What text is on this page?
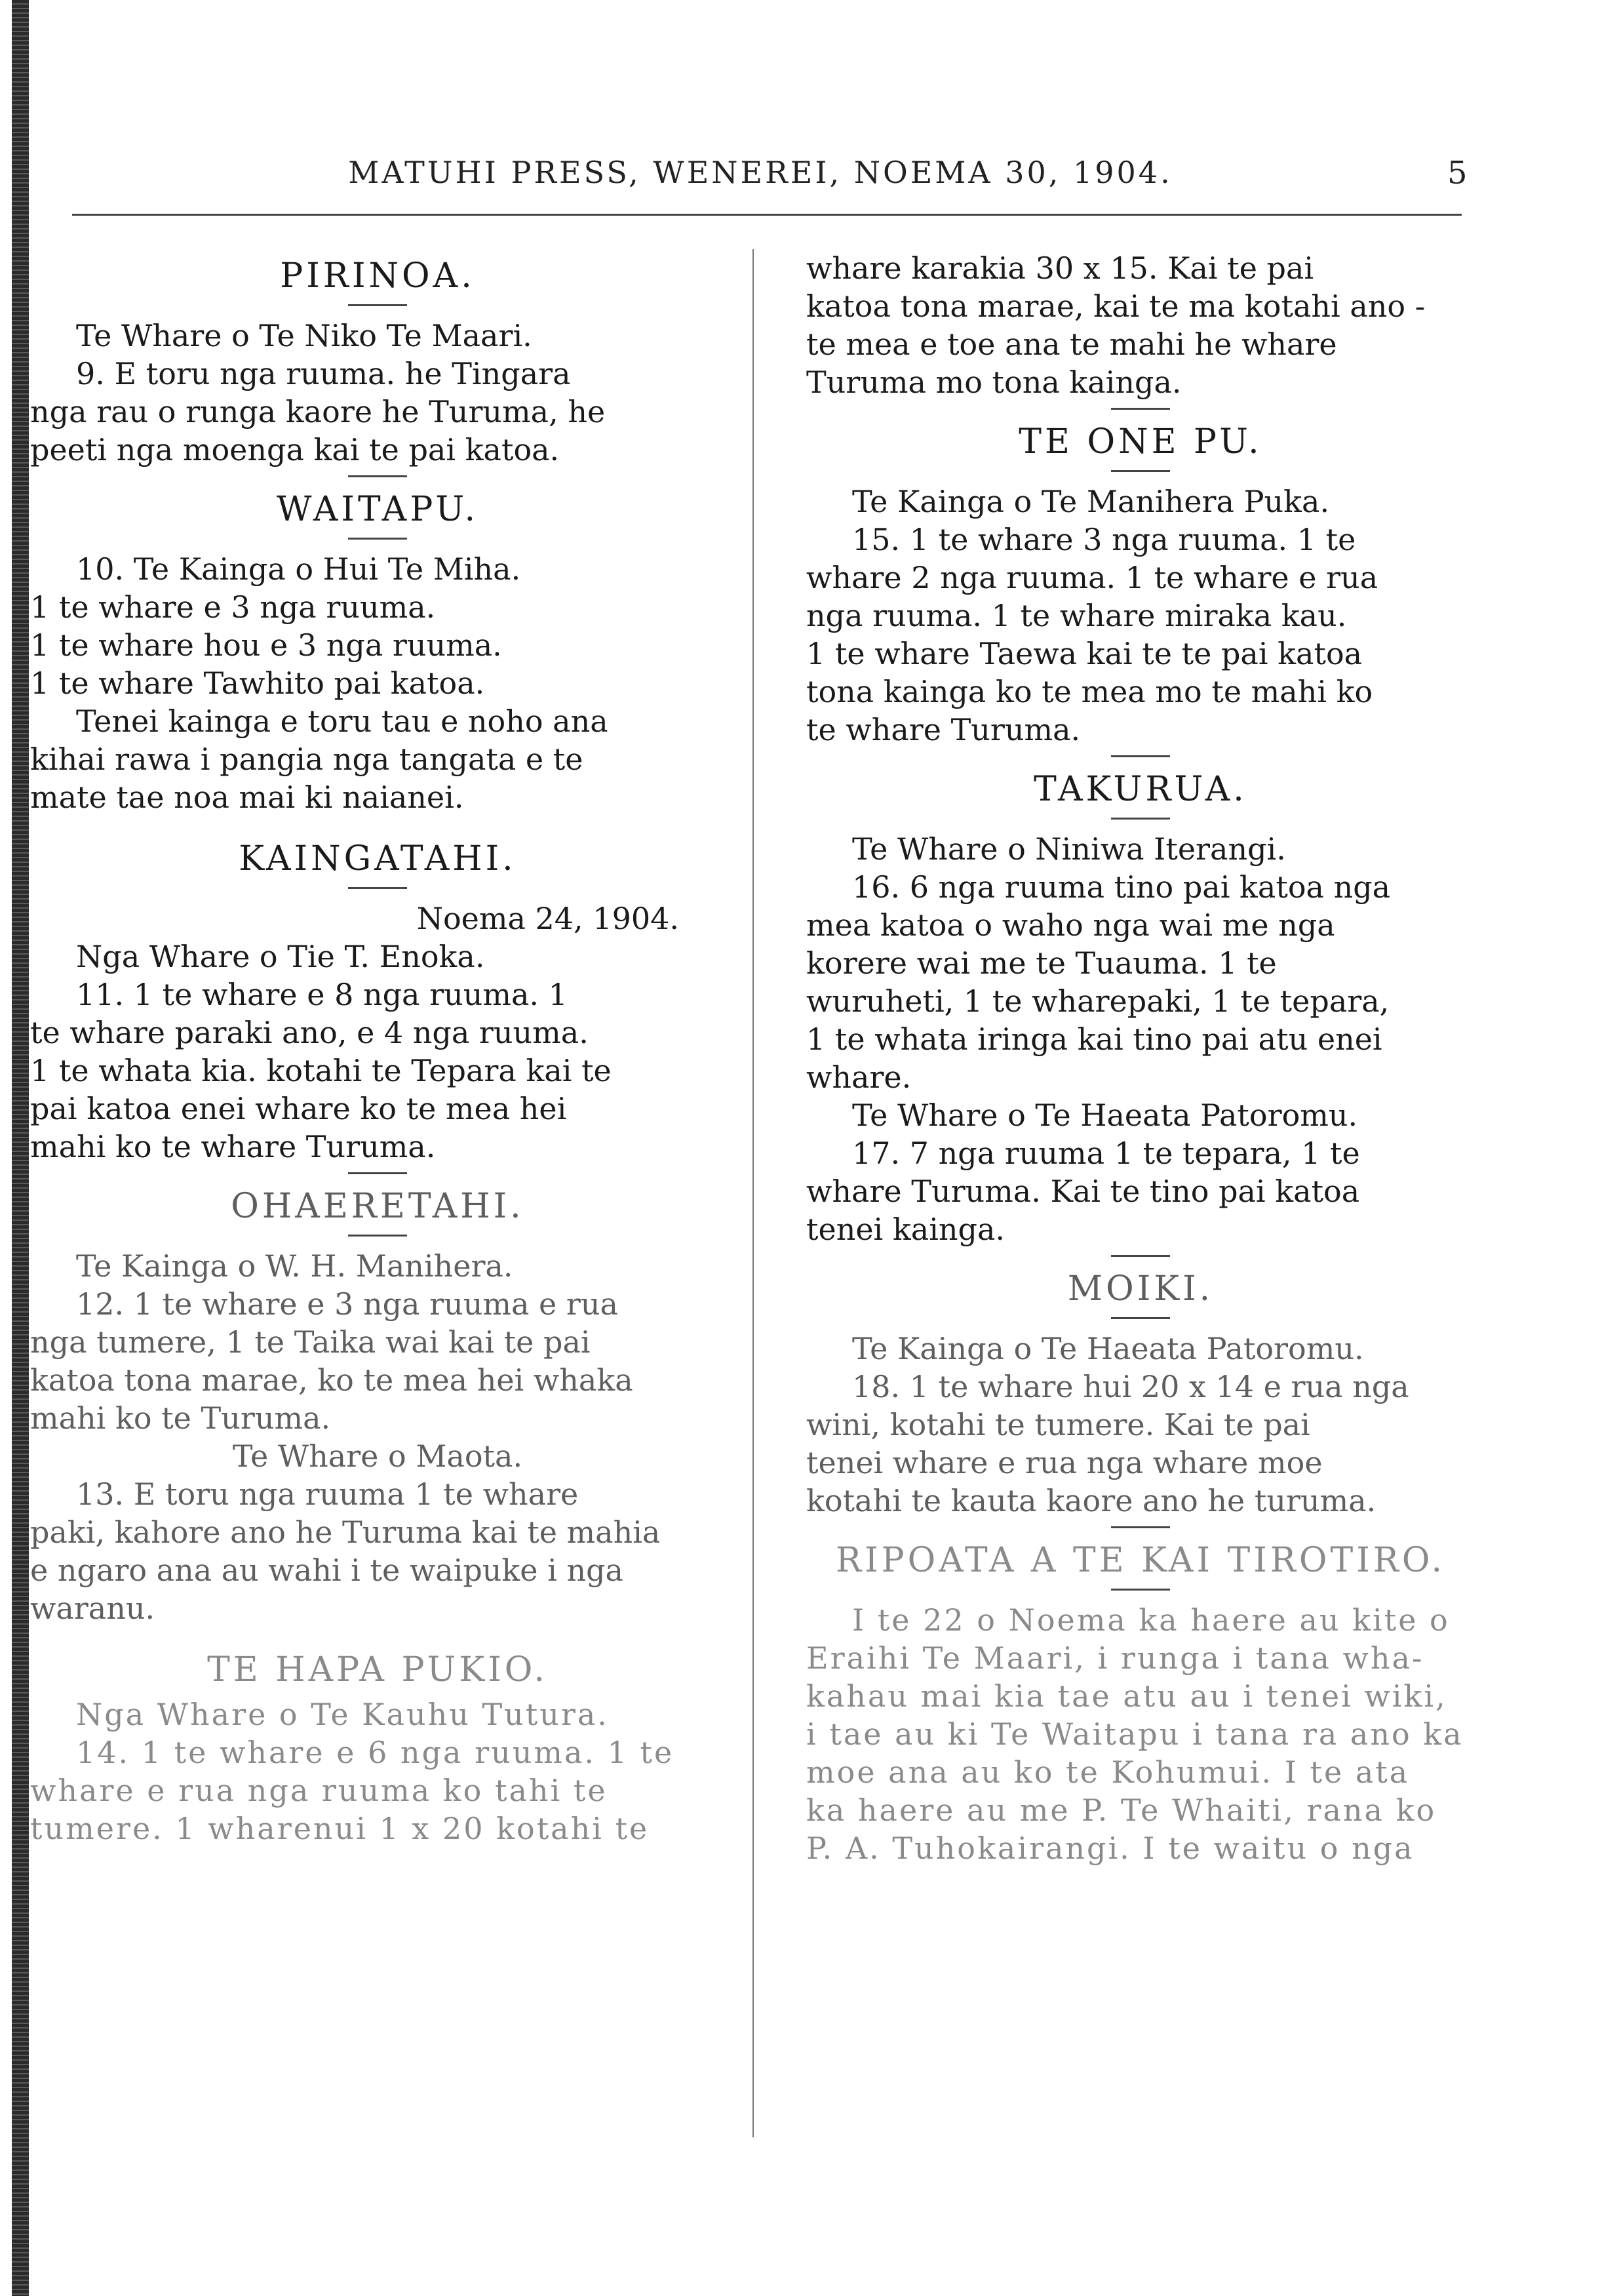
MATUHI PRESS, WENEREI, NOEMA 30, 1904.	5
PIRINOA.

Te Whare o Te Niko Te Maari.

9. E toru nga ruuma. he Tingara

nga rau o runga kaore he Turuma, he

peeti nga moenga kai te pai katoa.

WAITAPU.

10. Te Kainga o Hui Te Miha.

1 te whare e 3 nga ruuma.

1 te whare hou e 3 nga ruuma.

1 te whare Tawhito pai katoa.

Tenei kainga e toru tau e noho ana

kihai rawa i pangia nga tangata e te

mate tae noa mai ki naianei.

KAINGATAHI.

Noema 24, 1904.

Nga Whare o Tie T. Enoka.

11. 1 te whare e 8 nga ruuma. 1

te whare paraki ano, e 4 nga ruuma.

1 te whata kia. kotahi te Tepara kai te

pai katoa enei whare ko te mea hei

mahi ko te whare Turuma.

OHAERETAHI.

Te Kainga o W. H. Manihera.

12. 1 te whare e 3 nga ruuma e rua

nga tumere, 1 te Taika wai kai te pai

katoa tona marae, ko te mea hei whaka

mahi ko te Turuma.

Te Whare o Maota.

13. E toru nga ruuma 1 te whare

paki, kahore ano he Turuma kai te mahia

e ngaro ana au wahi i te waipuke i nga

waranu.

TE HAPA PUKIO.

Nga Whare o Te Kauhu Tutura.

14. 1 te whare e 6 nga ruuma. 1 te

whare e rua nga ruuma ko tahi te

tumere. 1 wharenui 1 x 20 kotahi te

whare karakia 30 x 15. Kai te pai

katoa tona marae, kai te ma kotahi ano -

te mea e toe ana te mahi he whare

Turuma mo tona kainga.

TE ONE PU.

Te Kainga o Te Manihera Puka.

15. 1 te whare 3 nga ruuma. 1 te

whare 2 nga ruuma. 1 te whare e rua

nga ruuma. 1 te whare miraka kau.

1 te whare Taewa kai te te pai katoa

tona kainga ko te mea mo te mahi ko

te whare Turuma.

TAKURUA.

Te Whare o Niniwa Iterangi.

16. 6 nga ruuma tino pai katoa nga

mea katoa o waho nga wai me nga

korere wai me te Tuauma. 1 te

wuruheti, 1 te wharepaki, 1 te tepara,

1 te whata iringa kai tino pai atu enei

whare.

Te Whare o Te Haeata Patoromu.

17. 7 nga ruuma 1 te tepara, 1 te

whare Turuma. Kai te tino pai katoa

tenei kainga.

MOIKI.

Te Kainga o Te Haeata Patoromu.

18. 1 te whare hui 20 x 14 e rua nga

wini, kotahi te tumere. Kai te pai

tenei whare e rua nga whare moe

kotahi te kauta kaore ano he turuma.

RIPOATA A TE KAI TIROTIRO.

I te 22 o Noema ka haere au kite o

Eraihi Te Maari, i runga i tana wha-

kahau mai kia tae atu au i tenei wiki,

i tae au ki Te Waitapu i tana ra ano ka

moe ana au ko te Kohumui. I te ata

ka haere au me P. Te Whaiti, rana ko

P. A. Tuhokairangi. I te waitu o nga
